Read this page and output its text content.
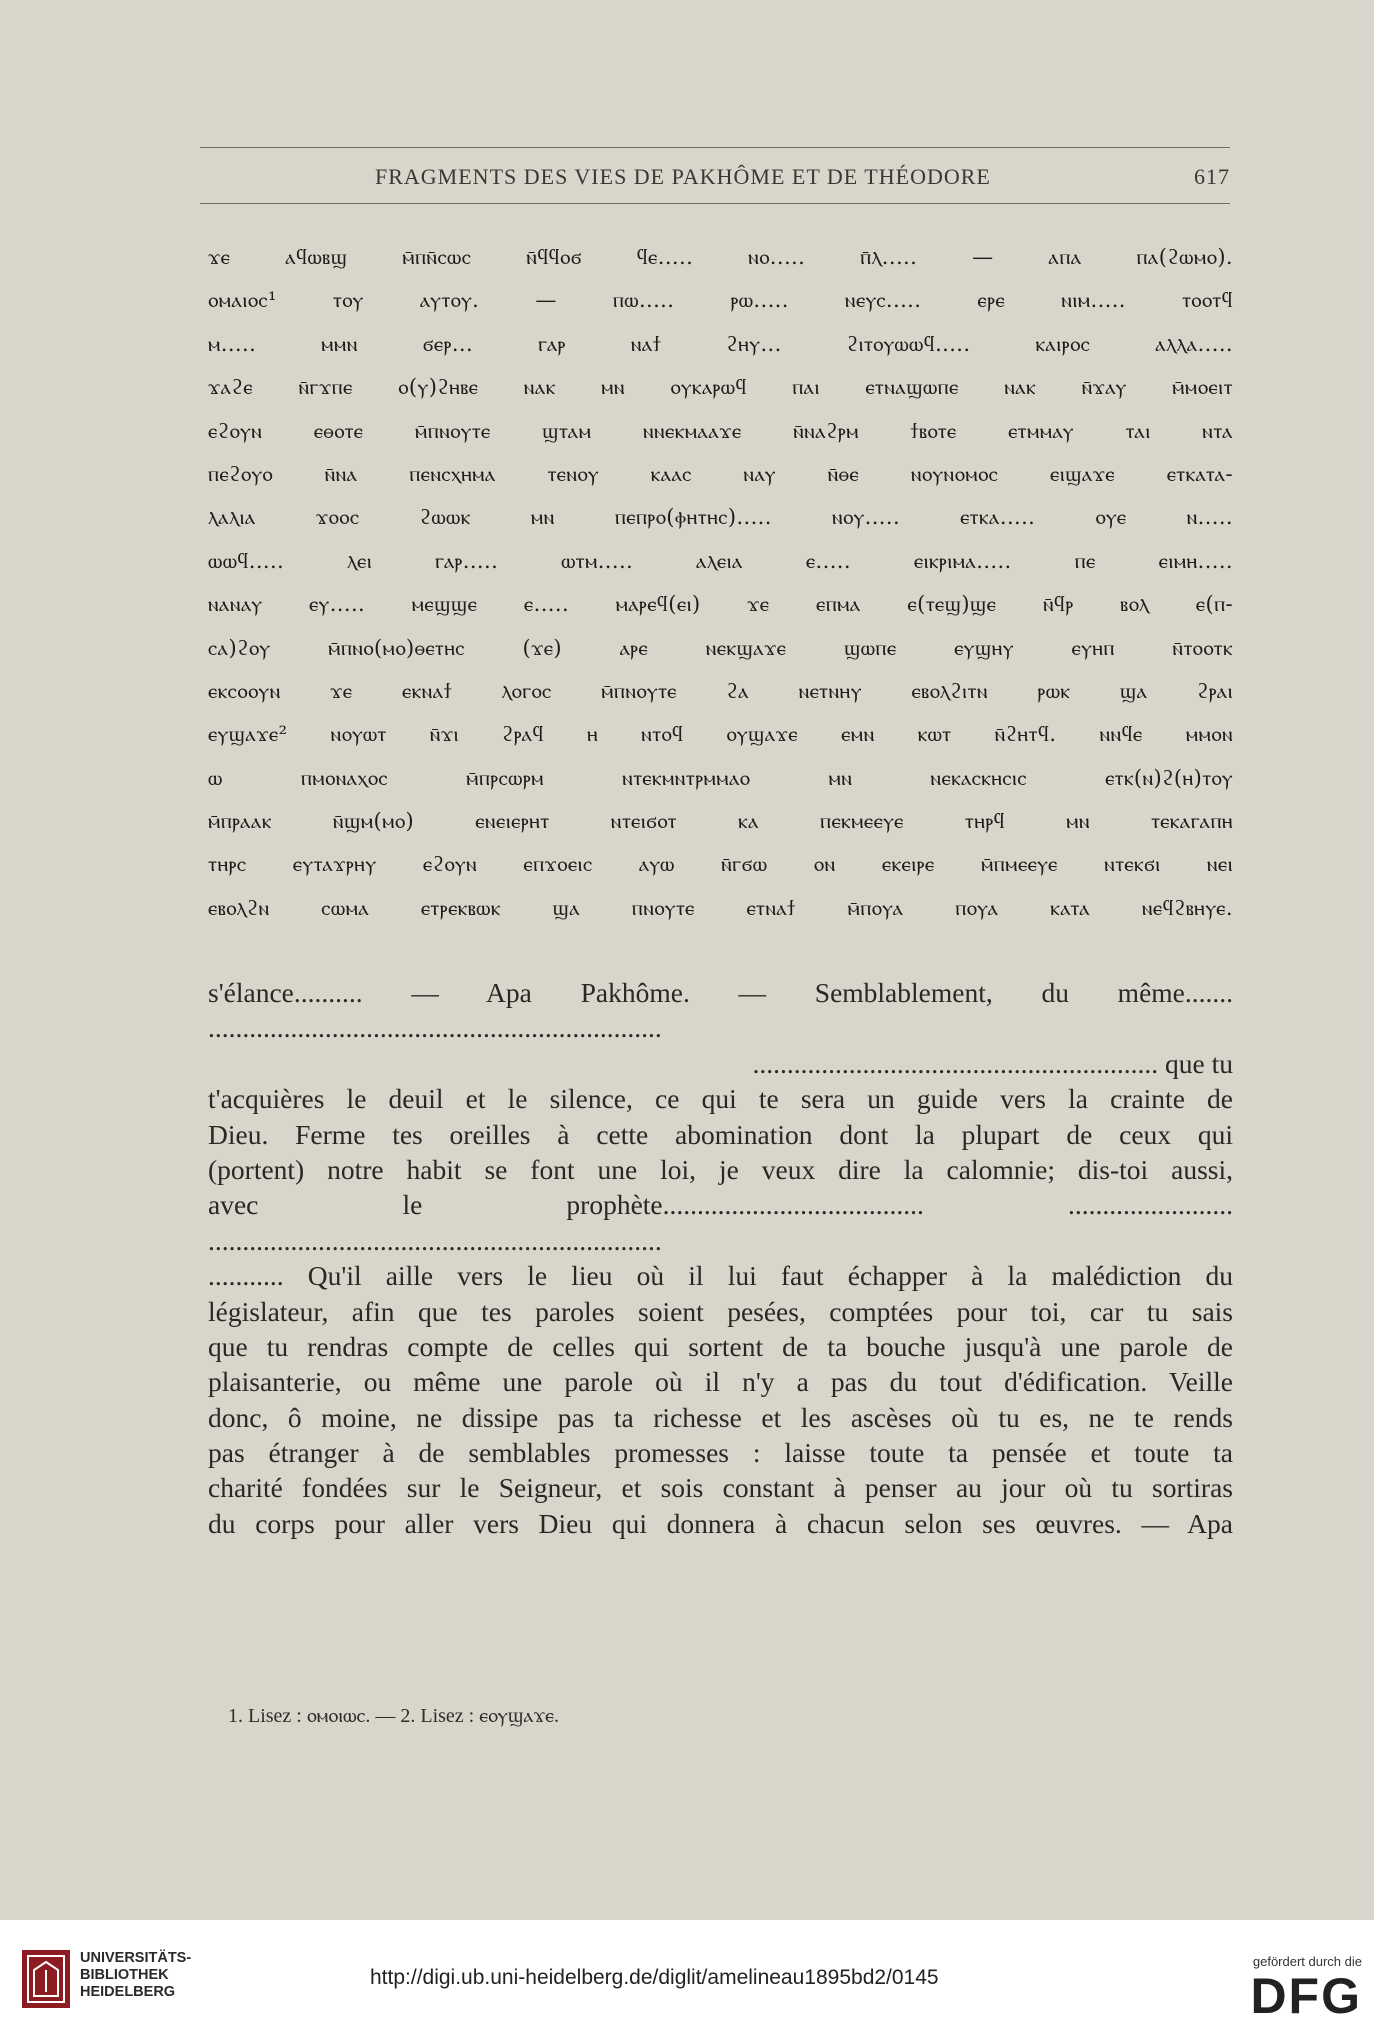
FRAGMENTS DES VIES DE PAKHÔME ET DE THÉODORE	617
ϫⲉ ⲁϥⲱⲃϣ ⲙ̄ⲡⲛ̄ⲥⲱⲥ ⲛ̄ϥϥⲟϭ ϥⲉ..... ⲛⲟ..... ⲡ̄ⲗ..... — ⲁⲡⲁ ⲡⲁ(ϩⲱⲙⲟ).
ⲟⲙⲁⲓⲟⲥ¹ ⲧⲟⲩ ⲁⲩⲧⲟⲩ. — ⲡⲱ..... ⲣⲱ..... ⲛⲉⲩⲥ..... ⲉⲣⲉ ⲛⲓⲙ..... ⲧⲟⲟⲧϥ
ⲙ..... ⲙⲙⲛ ϭⲉⲣ... ⲅⲁⲣ ⲛⲁϯ ϩⲏⲩ... ϩⲓⲧⲟⲩⲱⲱϥ..... ⲕⲁⲓⲣⲟⲥ ⲁⲗⲗⲁ.....
ϫⲁϩⲉ ⲛ̄ⲅϫⲡⲉ ⲟ(ⲩ)ϩⲏⲃⲉ ⲛⲁⲕ ⲙⲛ ⲟⲩⲕⲁⲣⲱϥ ⲡⲁⲓ ⲉⲧⲛⲁϣⲱⲡⲉ ⲛⲁⲕ ⲛ̄ϫⲁⲩ ⲙ̄ⲙⲟⲉⲓⲧ
ⲉϩⲟⲩⲛ ⲉⲑⲟⲧⲉ ⲙ̄ⲡⲛⲟⲩⲧⲉ ϣⲧⲁⲙ ⲛⲛⲉⲕⲙⲁⲁϫⲉ ⲛ̄ⲛⲁϩⲣⲙ ϯⲃⲟⲧⲉ ⲉⲧⲙⲙⲁⲩ ⲧⲁⲓ ⲛⲧⲁ
ⲡⲉϩⲟⲩⲟ ⲛ̄ⲛⲁ ⲡⲉⲛⲥⲭⲏⲙⲁ ⲧⲉⲛⲟⲩ ⲕⲁⲁⲥ ⲛⲁⲩ ⲛ̄ⲑⲉ ⲛⲟⲩⲛⲟⲙⲟⲥ ⲉⲓϣⲁϫⲉ ⲉⲧⲕⲁⲧⲁ-
ⲗⲁⲗⲓⲁ ϫⲟⲟⲥ ϩⲱⲱⲕ ⲙⲛ ⲡⲉⲡⲣⲟ(ⲫⲏⲧⲏⲥ)..... ⲛⲟⲩ..... ⲉⲧⲕⲁ..... ⲟⲩⲉ ⲛ.....
ⲱⲱϥ..... ⲗⲉⲓ ⲅⲁⲣ..... ⲱⲧⲙ..... ⲁⲗⲉⲓⲁ ⲉ..... ⲉⲓⲕⲣⲓⲙⲁ..... ⲡⲉ ⲉⲓⲙⲏ.....
ⲛⲁⲛⲁⲩ ⲉⲩ..... ⲙⲉϣϣⲉ ⲉ..... ⲙⲁⲣⲉϥ(ⲉⲓ) ϫⲉ ⲉⲡⲙⲁ ⲉ(ⲧⲉϣ)ϣⲉ ⲛ̄ϥⲣ ⲃⲟⲗ ⲉ(ⲡ-
ⲥⲁ)ϩⲟⲩ ⲙ̄ⲡⲛⲟ(ⲙⲟ)ⲑⲉⲧⲏⲥ (ϫⲉ) ⲁⲣⲉ ⲛⲉⲕϣⲁϫⲉ ϣⲱⲡⲉ ⲉⲩϣⲏⲩ ⲉⲩⲏⲡ ⲛ̄ⲧⲟⲟⲧⲕ
ⲉⲕⲥⲟⲟⲩⲛ ϫⲉ ⲉⲕⲛⲁϯ ⲗⲟⲅⲟⲥ ⲙ̄ⲡⲛⲟⲩⲧⲉ ϩⲁ ⲛⲉⲧⲛⲏⲩ ⲉⲃⲟⲗϩⲓⲧⲛ ⲣⲱⲕ ϣⲁ ϩⲣⲁⲓ
ⲉⲩϣⲁϫⲉ² ⲛⲟⲩⲱⲧ ⲛ̄ϫⲓ ϩⲣⲁϥ ⲏ ⲛⲧⲟϥ ⲟⲩϣⲁϫⲉ ⲉⲙⲛ ⲕⲱⲧ ⲛ̄ϩⲏⲧϥ. ⲛⲛϥⲉ ⲙⲙⲟⲛ
ⲱ ⲡⲙⲟⲛⲁⲭⲟⲥ ⲙ̄ⲡⲣⲥⲱⲣⲙ ⲛⲧⲉⲕⲙⲛⲧⲣⲙⲙⲁⲟ ⲙⲛ ⲛⲉⲕⲁⲥⲕⲏⲥⲓⲥ ⲉⲧⲕ(ⲛ)ϩ(ⲏ)ⲧⲟⲩ
ⲙ̄ⲡⲣⲁⲁⲕ ⲛ̄ϣⲙ(ⲙⲟ) ⲉⲛⲉⲓⲉⲣⲏⲧ ⲛⲧⲉⲓϭⲟⲧ ⲕⲁ ⲡⲉⲕⲙⲉⲉⲩⲉ ⲧⲏⲣϥ ⲙⲛ ⲧⲉⲕⲁⲅⲁⲡⲏ
ⲧⲏⲣⲥ ⲉⲩⲧⲁϫⲣⲏⲩ ⲉϩⲟⲩⲛ ⲉⲡϫⲟⲉⲓⲥ ⲁⲩⲱ ⲛ̄ⲅϭⲱ ⲟⲛ ⲉⲕⲉⲓⲣⲉ ⲙ̄ⲡⲙⲉⲉⲩⲉ ⲛⲧⲉⲕϭⲓ ⲛⲉⲓ
ⲉⲃⲟⲗϩⲛ ⲥⲱⲙⲁ ⲉⲧⲣⲉⲕⲃⲱⲕ ϣⲁ ⲡⲛⲟⲩⲧⲉ ⲉⲧⲛⲁϯ ⲙ̄ⲡⲟⲩⲁ ⲡⲟⲩⲁ ⲕⲁⲧⲁ ⲛⲉϥϩⲃⲏⲩⲉ.
s'élance.......... — Apa Pakhôme. — Semblablement, du même.......
..................................................................
........................................................... que tu
t'acquières le deuil et le silence, ce qui te sera un guide vers la crainte de
Dieu. Ferme tes oreilles à cette abomination dont la plupart de ceux qui
(portent) notre habit se font une loi, je veux dire la calomnie; dis-toi aussi,
avec le prophète...................................... ........................
..................................................................
........... Qu'il aille vers le lieu où il lui faut échapper à la malédiction du
législateur, afin que tes paroles soient pesées, comptées pour toi, car tu sais
que tu rendras compte de celles qui sortent de ta bouche jusqu'à une parole de
plaisanterie, ou même une parole où il n'y a pas du tout d'édification. Veille
donc, ô moine, ne dissipe pas ta richesse et les ascèses où tu es, ne te rends
pas étranger à de semblables promesses : laisse toute ta pensée et toute ta
charité fondées sur le Seigneur, et sois constant à penser au jour où tu sortiras
du corps pour aller vers Dieu qui donnera à chacun selon ses œuvres. — Apa
1. Lisez : ⲟⲙⲟⲓⲱⲥ. — 2. Lisez : ⲉⲟⲩϣⲁϫⲉ.
UNIVERSITÄTS-
BIBLIOTHEK
HEIDELBERG
http://digi.ub.uni-heidelberg.de/diglit/amelineau1895bd2/0145
gefördert durch die
DFG
